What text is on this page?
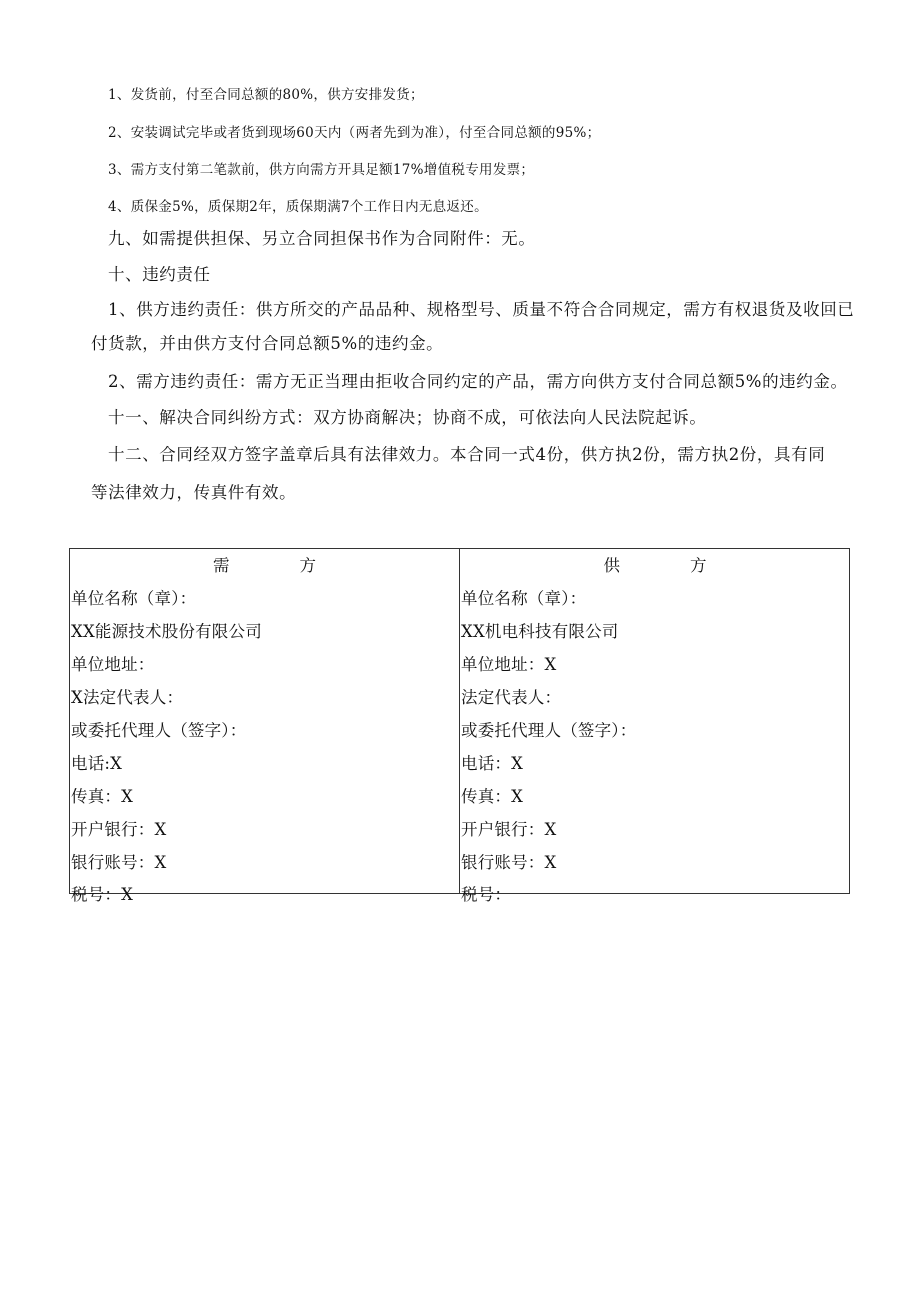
1、发货前，付至合同总额的80%，供方安排发货；
2、安装调试完毕或者货到现场60天内（两者先到为准），付至合同总额的95%；
3、需方支付第二笔款前，供方向需方开具足额17%增值税专用发票；
4、质保金5%，质保期2年，质保期满7个工作日内无息返还。
九、如需提供担保、另立合同担保书作为合同附件：无。
十、违约责任
1、供方违约责任：供方所交的产品品种、规格型号、质量不符合合同规定，需方有权退货及收回已
付货款，并由供方支付合同总额5%的违约金。
2、需方违约责任：需方无正当理由拒收合同约定的产品，需方向供方支付合同总额5%的违约金。
十一、解决合同纠纷方式：双方协商解决；协商不成，可依法向人民法院起诉。
十二、合同经双方签字盖章后具有法律效力。本合同一式4份，供方执2份，需方执2份，具有同
等法律效力，传真件有效。
需	方
单位名称（章）：
XX能源技术股份有限公司
单位地址：
X法定代表人：
或委托代理人（签字）：
电话:X
传真：X
开户银行：X
银行账号：X
税号：X
供	方
单位名称（章）：
XX机电科技有限公司
单位地址：X
法定代表人：
或委托代理人（签字）：
电话：X
传真：X
开户银行：X
银行账号：X
税号：
